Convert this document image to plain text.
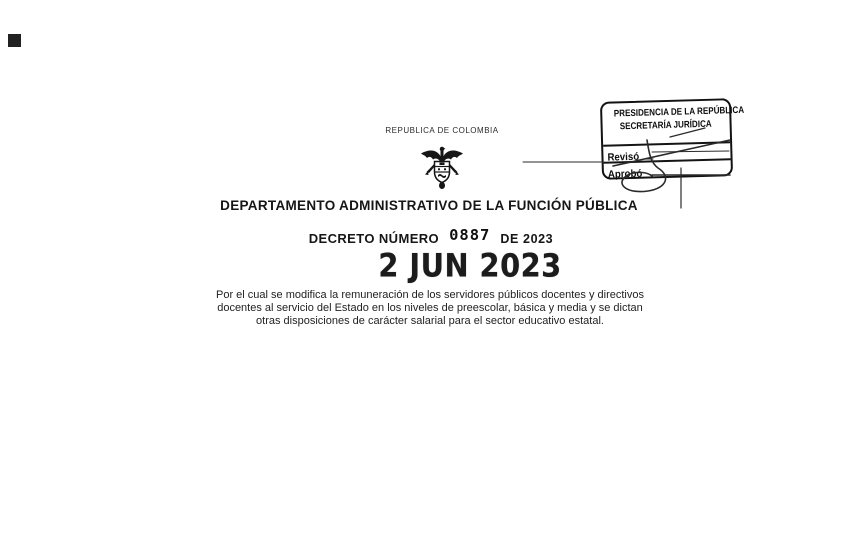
REPUBLICA DE COLOMBIA
DEPARTAMENTO ADMINISTRATIVO DE LA FUNCIÓN PÚBLICA
DECRETO NÚMERO 0887 DE 2023
2 JUN 2023
Por el cual se modifica la remuneración de los servidores públicos docentes y directivos
docentes al servicio del Estado en los niveles de preescolar, básica y media y se dictan
otras disposiciones de carácter salarial para el sector educativo estatal.
PRESIDENCIA DE LA REPÚBLICA
SECRETARÍA JURÍDICA
Revisó
Aprobó
